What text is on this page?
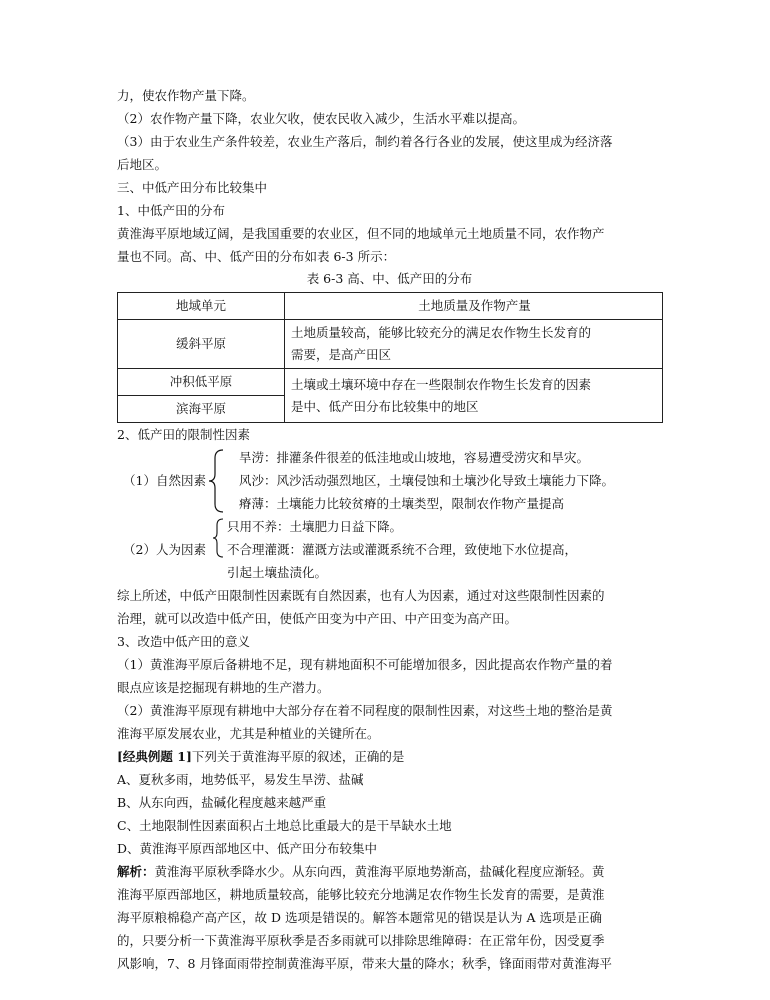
力，使农作物产量下降。

（2）农作物产量下降，农业欠收，使农民收入减少，生活水平难以提高。

（3）由于农业生产条件较差，农业生产落后，制约着各行各业的发展，使这里成为经济落

后地区。

三、中低产田分布比较集中

1、中低产田的分布

黄淮海平原地域辽阔，是我国重要的农业区，但不同的地域单元土地质量不同，农作物产

量也不同。高、中、低产田的分布如表 6-3 所示：

表 6-3 高、中、低产田的分布

地域单元	土地质量及作物产量
缓斜平原	土地质量较高，能够比较充分的满足农作物生长发育的
需要，是高产田区

冲积低平原	土壤或土壤环境中存在一些限制农作物生长发育的因素
是中、低产田分布比较集中的地区

滨海平原	

2、低产田的限制性因素

（1）自然因素
旱涝：排灌条件很差的低洼地或山坡地，容易遭受涝灾和旱灾。
风沙：风沙活动强烈地区，土壤侵蚀和土壤沙化导致土壤能力下降。
瘠薄：土壤能力比较贫瘠的土壤类型，限制农作物产量提高
（2）人为因素
只用不养：土壤肥力日益下降。
不合理灌溉：灌溉方法或灌溉系统不合理，致使地下水位提高，
引起土壤盐渍化。

综上所述，中低产田限制性因素既有自然因素，也有人为因素，通过对这些限制性因素的

治理，就可以改造中低产田，使低产田变为中产田、中产田变为高产田。

3、改造中低产田的意义

（1）黄淮海平原后备耕地不足，现有耕地面积不可能增加很多，因此提高农作物产量的着

眼点应该是挖掘现有耕地的生产潜力。

（2）黄淮海平原现有耕地中大部分存在着不同程度的限制性因素，对这些土地的整治是黄

淮海平原发展农业，尤其是种植业的关键所在。

[经典例题 1]下列关于黄淮海平原的叙述，正确的是

A、夏秋多雨，地势低平，易发生旱涝、盐碱

B、从东向西，盐碱化程度越来越严重

C、土地限制性因素面积占土地总比重最大的是干旱缺水土地

D、黄淮海平原西部地区中、低产田分布较集中

解析：黄淮海平原秋季降水少。从东向西，黄淮海平原地势渐高，盐碱化程度应渐轻。黄

淮海平原西部地区，耕地质量较高，能够比较充分地满足农作物生长发育的需要，是黄淮

海平原粮棉稳产高产区，故 D 选项是错误的。解答本题常见的错误是认为 A 选项是正确

的，只要分析一下黄淮海平原秋季是否多雨就可以排除思维障碍：在正常年份，因受夏季

风影响，7、8 月锋面雨带控制黄淮海平原，带来大量的降水；秋季，锋面雨带对黄淮海平
